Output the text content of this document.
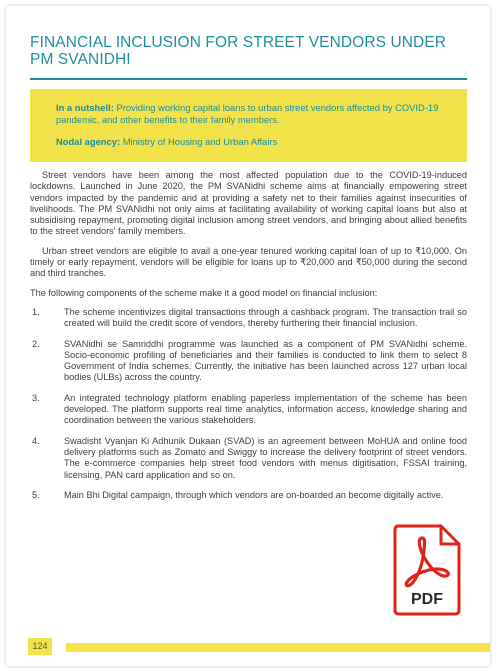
FINANCIAL INCLUSION FOR STREET VENDORS UNDER PM SVANIDHI

In a nutshell: Providing working capital loans to urban street vendors affected by COVID-19 pandemic, and other benefits to their family members.

Nodal agency: Ministry of Housing and Urban Affairs

Street vendors have been among the most affected population due to the COVID-19-induced lockdowns. Launched in June 2020, the PM SVANidhi scheme aims at financially empowering street vendors impacted by the pandemic and at providing a safety net to their families against insecurities of livelihoods. The PM SVANidhi not only aims at facilitating availability of working capital loans but also at subsidising repayment, promoting digital inclusion among street vendors, and bringing about allied benefits to the street vendors' family members.

Urban street vendors are eligible to avail a one-year tenured working capital loan of up to ₹10,000. On timely or early repayment, vendors will be eligible for loans up to ₹20,000 and ₹50,000 during the second and third tranches.

The following components of the scheme make it a good model on financial inclusion:

1.	The scheme incentivizes digital transactions through a cashback program. The transaction trail so created will build the credit score of vendors, thereby furthering their financial inclusion.
2.	SVANidhi se Samriddhi programme was launched as a component of PM SVANidhi scheme. Socio-economic profiling of beneficiaries and their families is conducted to link them to select 8 Government of India schemes. Currently, the initiative has been launched across 127 urban local bodies (ULBs) across the country.
3.	An integrated technology platform enabling paperless implementation of the scheme has been developed. The platform supports real time analytics, information access, knowledge sharing and coordination between the various stakeholders.
4.	Swadisht Vyanjan Ki Adhunik Dukaan (SVAD) is an agreement between MoHUA and online food delivery platforms such as Zomato and Swiggy to increase the delivery footprint of street vendors. The e-commerce companies help street food vendors with menus digitisation, FSSAI training, licensing, PAN card application and so on.
5.	Main Bhi Digital campaign, through which vendors are on-boarded an become digitally active.
124
PDF
